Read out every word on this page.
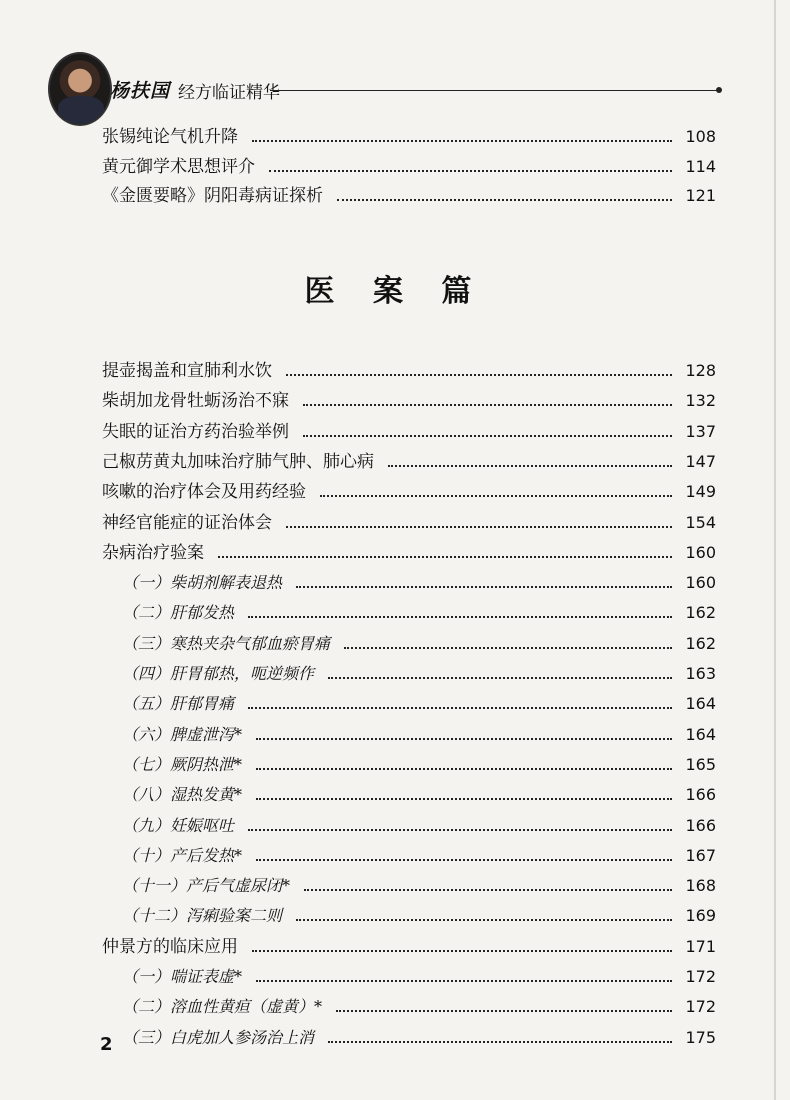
杨扶国 经方临证精华
张锡纯论气机升降	108
黄元御学术思想评介	114
《金匮要略》阴阳毒病证探析	121
医 案 篇
提壶揭盖和宣肺利水饮	128
柴胡加龙骨牡蛎汤治不寐	132
失眠的证治方药治验举例	137
己椒苈黄丸加味治疗肺气肿、肺心病	147
咳嗽的治疗体会及用药经验	149
神经官能症的证治体会	154
杂病治疗验案	160
（一）柴胡剂解表退热	160
（二）肝郁发热	162
（三）寒热夹杂气郁血瘀胃痛	162
（四）肝胃郁热，呃逆频作	163
（五）肝郁胃痛	164
（六）脾虚泄泻*	164
（七）厥阴热泄*	165
（八）湿热发黄*	166
（九）妊娠呕吐	166
（十）产后发热*	167
（十一）产后气虚尿闭*	168
（十二）泻痢验案二则	169
仲景方的临床应用	171
（一）喘证表虚*	172
（二）溶血性黄疸（虚黄）*	172
（三）白虎加人参汤治上消	175
2
